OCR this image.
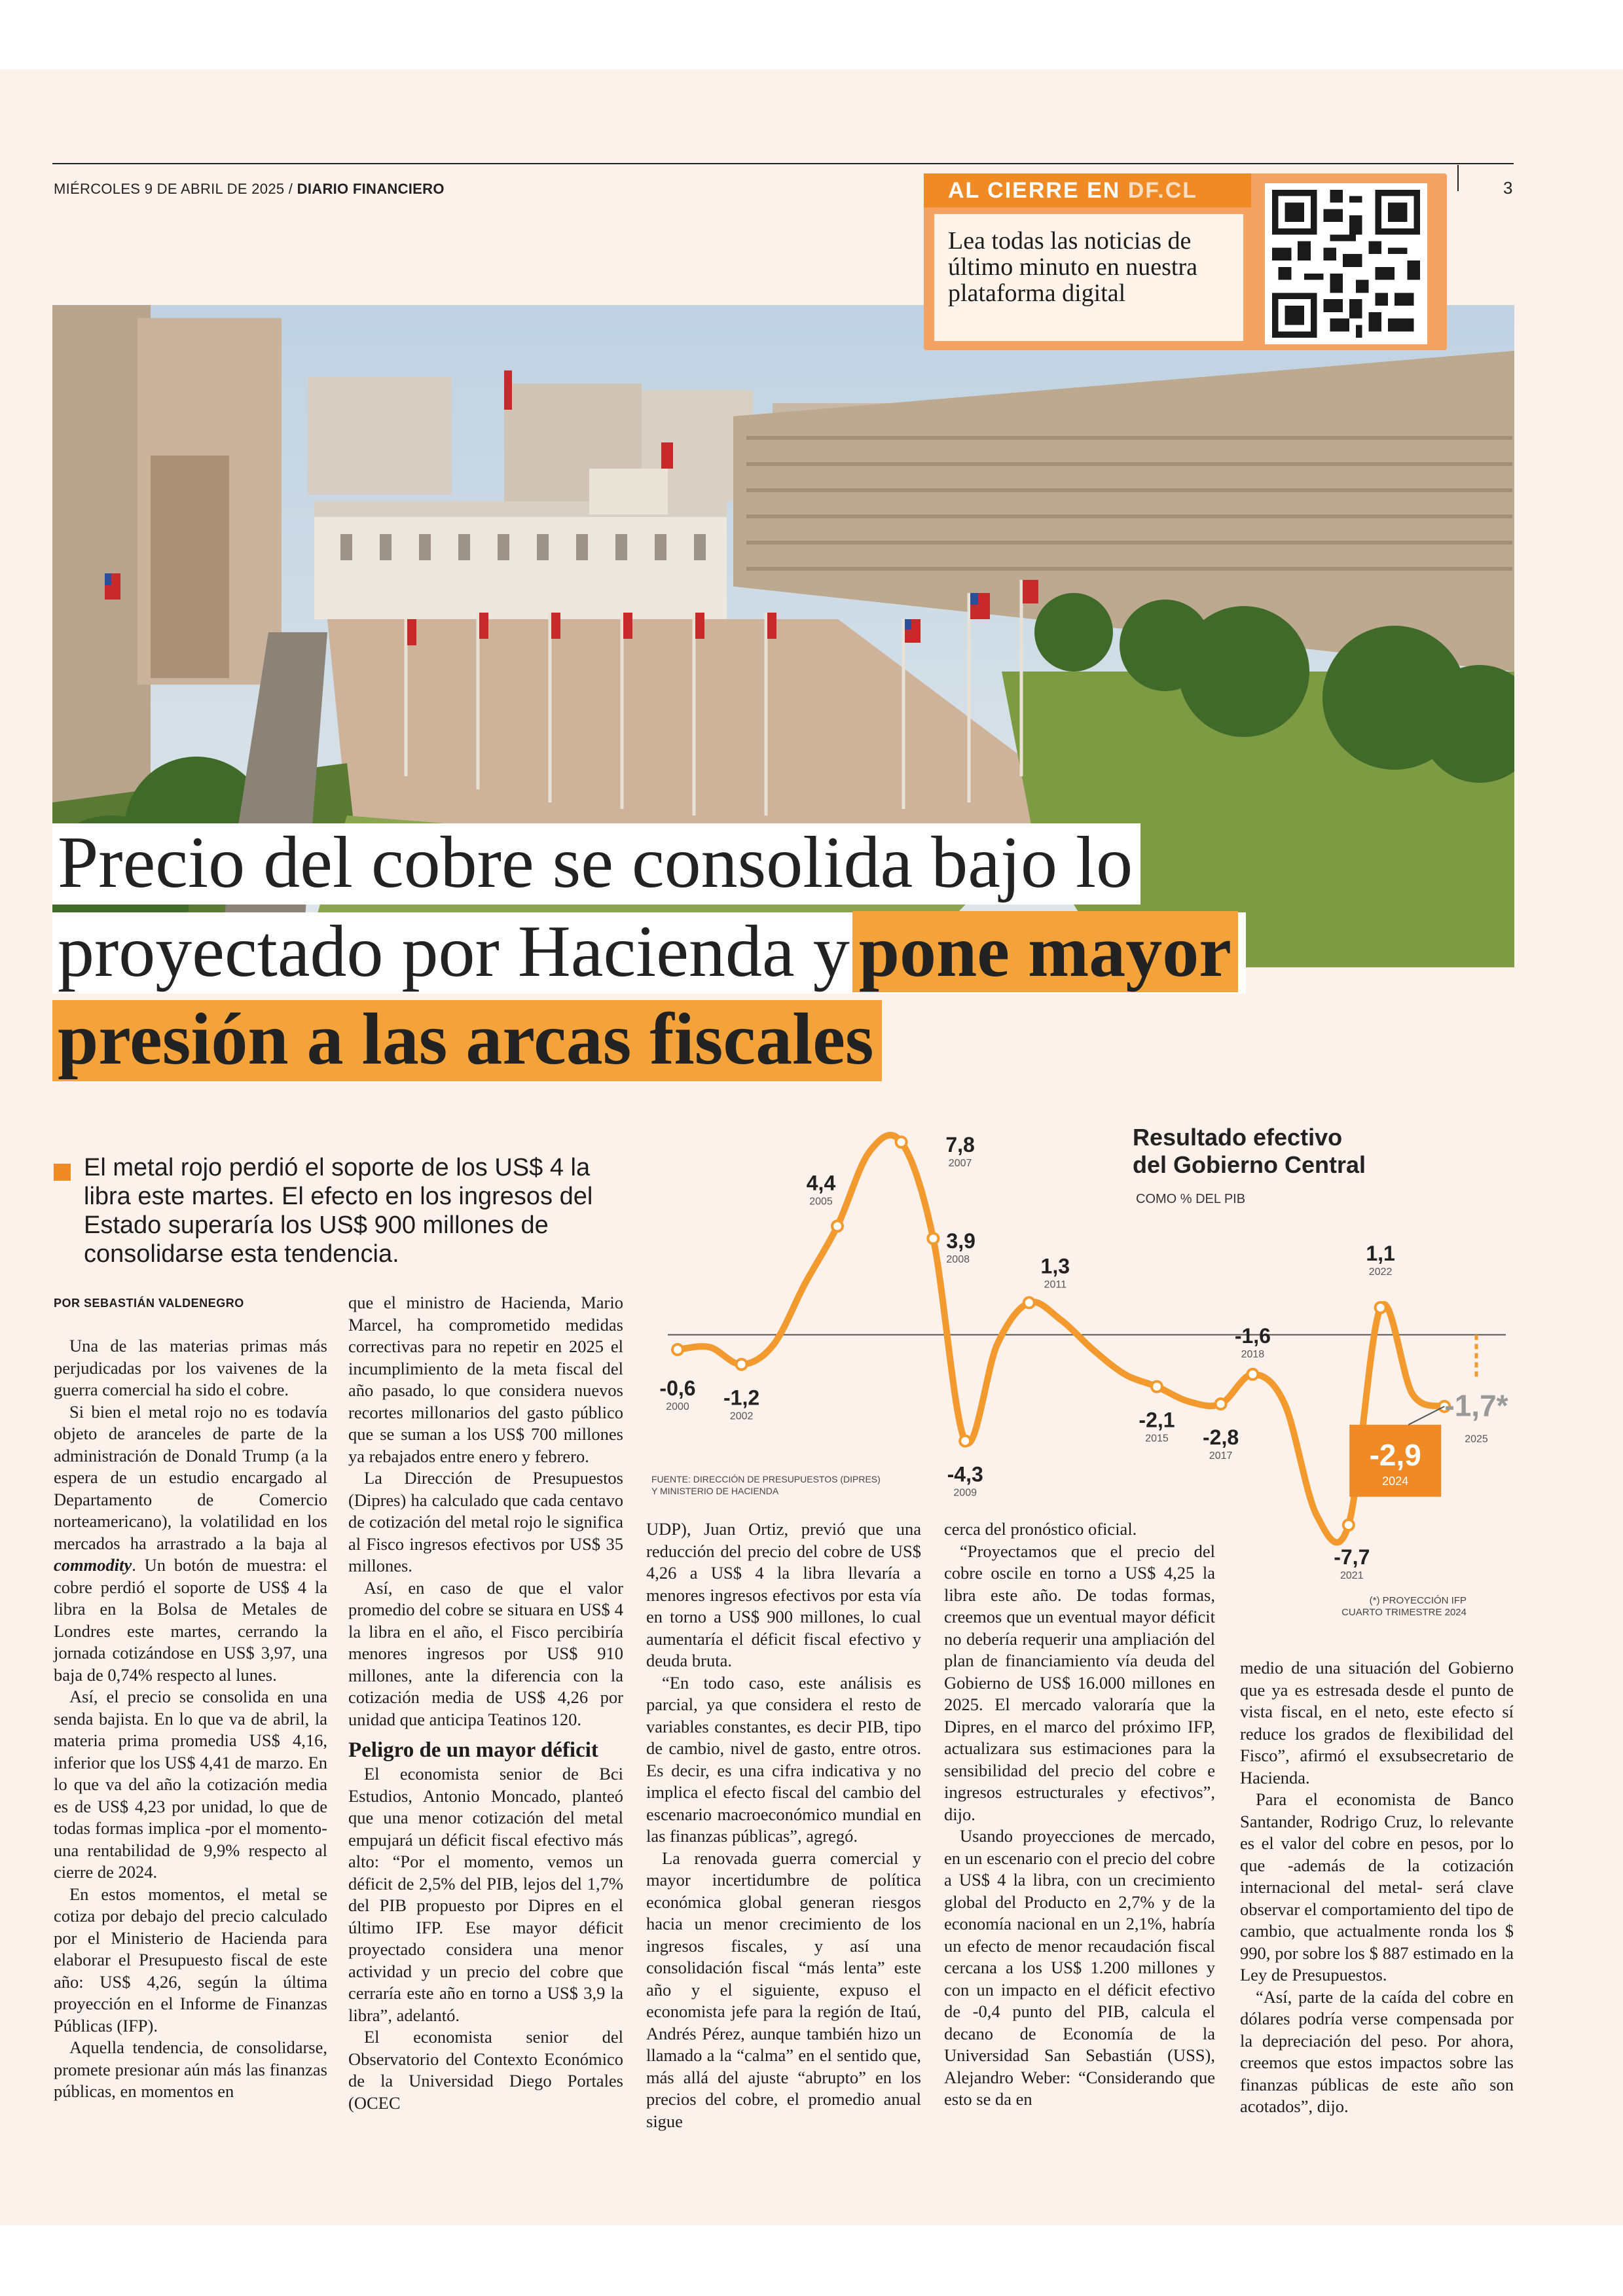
MIÉRCOLES 9 DE ABRIL DE 2025 / DIARIO FINANCIERO	3
AL CIERRE EN DF.CL
Lea todas las noticias de último minuto en nuestra plataforma digital
Precio del cobre se consolida bajo lo
proyectado por Hacienda y pone mayor
presión a las arcas fiscales
El metal rojo perdió el soporte de los US$ 4 la libra este martes. El efecto en los ingresos del Estado superaría los US$ 900 millones de consolidarse esta tendencia.
POR SEBASTIÁN VALDENEGRO

Una de las materias primas más perjudicadas por los vaivenes de la guerra comercial ha sido el cobre.

Si bien el metal rojo no es todavía objeto de aranceles de parte de la administración de Donald Trump (a la espera de un estudio encargado al Departamento de Comercio norteamericano), la volatilidad en los mercados ha arrastrado a la baja al commodity. Un botón de muestra: el cobre perdió el soporte de US$ 4 la libra en la Bolsa de Metales de Londres este martes, cerrando la jornada cotizándose en US$ 3,97, una baja de 0,74% respecto al lunes.

Así, el precio se consolida en una senda bajista. En lo que va de abril, la materia prima promedia US$ 4,16, inferior que los US$ 4,41 de marzo. En lo que va del año la cotización media es de US$ 4,23 por unidad, lo que de todas formas implica -por el momento- una rentabilidad de 9,9% respecto al cierre de 2024.

En estos momentos, el metal se cotiza por debajo del precio calculado por el Ministerio de Hacienda para elaborar el Presupuesto fiscal de este año: US$ 4,26, según la última proyección en el Informe de Finanzas Públicas (IFP).

Aquella tendencia, de consolidarse, promete presionar aún más las finanzas públicas, en momentos en

que el ministro de Hacienda, Mario Marcel, ha comprometido medidas correctivas para no repetir en 2025 el incumplimiento de la meta fiscal del año pasado, lo que considera nuevos recortes millonarios del gasto público que se suman a los US$ 700 millones ya rebajados entre enero y febrero.

La Dirección de Presupuestos (Dipres) ha calculado que cada centavo de cotización del metal rojo le significa al Fisco ingresos efectivos por US$ 35 millones.

Así, en caso de que el valor promedio del cobre se situara en US$ 4 la libra en el año, el Fisco percibiría menores ingresos por US$ 910 millones, ante la diferencia con la cotización media de US$ 4,26 por unidad que anticipa Teatinos 120.

Peligro de un mayor déficit

El economista senior de Bci Estudios, Antonio Moncado, planteó que una menor cotización del metal empujará un déficit fiscal efectivo más alto: “Por el momento, vemos un déficit de 2,5% del PIB, lejos del 1,7% del PIB propuesto por Dipres en el último IFP. Ese mayor déficit proyectado considera una menor actividad y un precio del cobre que cerraría este año en torno a US$ 3,9 la libra”, adelantó.

El economista senior del Observatorio del Contexto Económico de la Universidad Diego Portales (OCEC

UDP), Juan Ortiz, previó que una reducción del precio del cobre de US$ 4,26 a US$ 4 la libra llevaría a menores ingresos efectivos por esta vía en torno a US$ 900 millones, lo cual aumentaría el déficit fiscal efectivo y deuda bruta.

“En todo caso, este análisis es parcial, ya que considera el resto de variables constantes, es decir PIB, tipo de cambio, nivel de gasto, entre otros. Es decir, es una cifra indicativa y no implica el efecto fiscal del cambio del escenario macroeconómico mundial en las finanzas públicas”, agregó.

La renovada guerra comercial y mayor incertidumbre de política económica global generan riesgos hacia un menor crecimiento de los ingresos fiscales, y así una consolidación fiscal “más lenta” este año y el siguiente, expuso el economista jefe para la región de Itaú, Andrés Pérez, aunque también hizo un llamado a la “calma” en el sentido que, más allá del ajuste “abrupto” en los precios del cobre, el promedio anual sigue

cerca del pronóstico oficial.

“Proyectamos que el precio del cobre oscile en torno a US$ 4,25 la libra este año. De todas formas, creemos que un eventual mayor déficit no debería requerir una ampliación del plan de financiamiento vía deuda del Gobierno de US$ 16.000 millones en 2025. El mercado valoraría que la Dipres, en el marco del próximo IFP, actualizara sus estimaciones para la sensibilidad del precio del cobre e ingresos estructurales y efectivos”, dijo.

Usando proyecciones de mercado, en un escenario con el precio del cobre a US$ 4 la libra, con un crecimiento global del Producto en 2,7% y de la economía nacional en un 2,1%, habría un efecto de menor recaudación fiscal cercana a los US$ 1.200 millones y con un impacto en el déficit efectivo de -0,4 punto del PIB, calcula el decano de Economía de la Universidad San Sebastián (USS), Alejandro Weber: “Considerando que esto se da en

medio de una situación del Gobierno que ya es estresada desde el punto de vista fiscal, en el neto, este efecto sí reduce los grados de flexibilidad del Fisco”, afirmó el exsubsecretario de Hacienda.

Para el economista de Banco Santander, Rodrigo Cruz, lo relevante es el valor del cobre en pesos, por lo que -además de la cotización internacional del metal- será clave observar el comportamiento del tipo de cambio, que actualmente ronda los $ 990, por sobre los $ 887 estimado en la Ley de Presupuestos.

“Así, parte de la caída del cobre en dólares podría verse compensada por la depreciación del peso. Por ahora, creemos que estos impactos sobre las finanzas públicas de este año son acotados”, dijo.

-0,6
2000 -1,2
2002
4,4
2005
7,8
2007
3,9
2008
-4,3
2009
1,3
2011
-2,1
2015 -2,8
2017
-1,6
2018
-7,7
2021
1,1
2022
-2,9
2024
-1,7*
2025
Resultado efectivo del Gobierno Central
COMO % DEL PIB
FUENTE: DIRECCIÓN DE PRESUPUESTOS (DIPRES) Y MINISTERIO DE HACIENDA
(*) PROYECCIÓN IFP CUARTO TRIMESTRE 2024
